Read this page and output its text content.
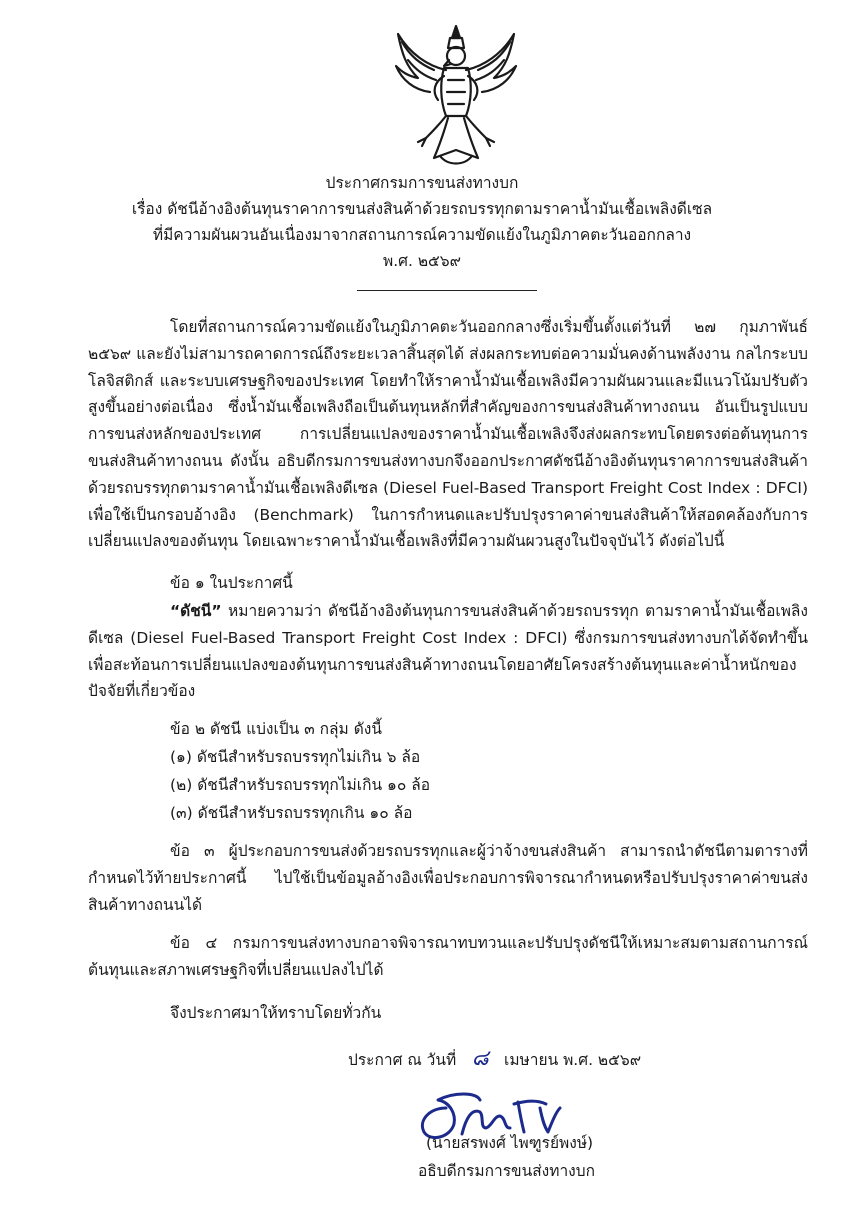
ประกาศกรมการขนส่งทางบก
เรื่อง ดัชนีอ้างอิงต้นทุนราคาการขนส่งสินค้าด้วยรถบรรทุกตามราคาน้ำมันเชื้อเพลิงดีเซล
ที่มีความผันผวนอันเนื่องมาจากสถานการณ์ความขัดแย้งในภูมิภาคตะวันออกกลาง
พ.ศ. ๒๕๖๙
โดยที่สถานการณ์ความขัดแย้งในภูมิภาคตะวันออกกลางซึ่งเริ่มขึ้นตั้งแต่วันที่ ๒๗ กุมภาพันธ์ ๒๕๖๙ และยังไม่สามารถคาดการณ์ถึงระยะเวลาสิ้นสุดได้ ส่งผลกระทบต่อความมั่นคงด้านพลังงาน กลไกระบบโลจิสติกส์ และระบบเศรษฐกิจของประเทศ โดยทำให้ราคาน้ำมันเชื้อเพลิงมีความผันผวนและมีแนวโน้มปรับตัวสูงขึ้นอย่างต่อเนื่อง ซึ่งน้ำมันเชื้อเพลิงถือเป็นต้นทุนหลักที่สำคัญของการขนส่งสินค้าทางถนน อันเป็นรูปแบบการขนส่งหลักของประเทศ การเปลี่ยนแปลงของราคาน้ำมันเชื้อเพลิงจึงส่งผลกระทบโดยตรงต่อต้นทุนการขนส่งสินค้าทางถนน ดังนั้น อธิบดีกรมการขนส่งทางบกจึงออกประกาศดัชนีอ้างอิงต้นทุนราคาการขนส่งสินค้าด้วยรถบรรทุกตามราคาน้ำมันเชื้อเพลิงดีเซล (Diesel Fuel-Based Transport Freight Cost Index : DFCI) เพื่อใช้เป็นกรอบอ้างอิง (Benchmark) ในการกำหนดและปรับปรุงราคาค่าขนส่งสินค้าให้สอดคล้องกับการเปลี่ยนแปลงของต้นทุน โดยเฉพาะราคาน้ำมันเชื้อเพลิงที่มีความผันผวนสูงในปัจจุบันไว้ ดังต่อไปนี้
ข้อ ๑ ในประกาศนี้
“ดัชนี” หมายความว่า ดัชนีอ้างอิงต้นทุนการขนส่งสินค้าด้วยรถบรรทุก ตามราคาน้ำมันเชื้อเพลิงดีเซล (Diesel Fuel-Based Transport Freight Cost Index : DFCI) ซึ่งกรมการขนส่งทางบกได้จัดทำขึ้น เพื่อสะท้อนการเปลี่ยนแปลงของต้นทุนการขนส่งสินค้าทางถนนโดยอาศัยโครงสร้างต้นทุนและค่าน้ำหนักของปัจจัยที่เกี่ยวข้อง
ข้อ ๒ ดัชนี แบ่งเป็น ๓ กลุ่ม ดังนี้
(๑) ดัชนีสำหรับรถบรรทุกไม่เกิน ๖ ล้อ
(๒) ดัชนีสำหรับรถบรรทุกไม่เกิน ๑๐ ล้อ
(๓) ดัชนีสำหรับรถบรรทุกเกิน ๑๐ ล้อ
ข้อ ๓ ผู้ประกอบการขนส่งด้วยรถบรรทุกและผู้ว่าจ้างขนส่งสินค้า สามารถนำดัชนีตามตารางที่กำหนดไว้ท้ายประกาศนี้ ไปใช้เป็นข้อมูลอ้างอิงเพื่อประกอบการพิจารณากำหนดหรือปรับปรุงราคาค่าขนส่งสินค้าทางถนนได้
ข้อ ๔ กรมการขนส่งทางบกอาจพิจารณาทบทวนและปรับปรุงดัชนีให้เหมาะสมตามสถานการณ์ต้นทุนและสภาพเศรษฐกิจที่เปลี่ยนแปลงไปได้
จึงประกาศมาให้ทราบโดยทั่วกัน
ประกาศ ณ วันที่ ๘ เมษายน พ.ศ. ๒๕๖๙
(นายสรพงศ์ ไพฑูรย์พงษ์)
อธิบดีกรมการขนส่งทางบก
